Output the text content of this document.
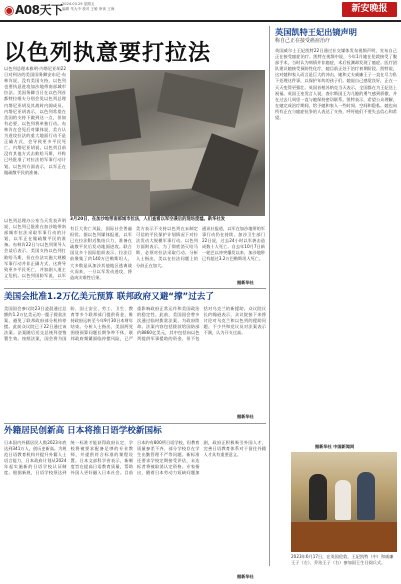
◉A08天下 2024.03.29 星期五
编辑 朱大中 校对 王敏 审读 王海	新安晚报
以色列执意要打拉法
以色列总理本雅明·内塔尼亚胡22日对到访的美国国务卿安东尼·布林肯说，没有美国支持，以色列也要执意进攻加沙地带南部城市拉法。美国务卿当日在以色列首都特拉维夫分别会见以色列总理内塔尼亚胡及其战时内阁成员。内塔尼亚胡表示，以色列希望在美国的支持下做到这一点，但如有必要，以色列将单独行动。布林肯在会见后对媒体说，美方认为进攻拉法的重大地面行动不是正确方式，会导致更多平民死亡。内塔尼亚胡说，以色列目前没有其他方式击败哈马斯，并称已经批准了对拉法的军事行动计划。以色列方面表示，以军正在做疏散平民的准备。
3月20日，在加沙地带南部城市拉法，人们查看以军空袭后的现场废墟。新华社发
以色列总理办公室当天发表声明说，以色列已批准在加沙地带南部城市拉法采取军事行动的计划，以军正在做疏散平民的准备。布林肯22日与以色列领导人会谈后表示，美国支持以色列打败哈马斯，但在拉法实施大规模军事行动并非正确方式，这将导致更多平民死亡，并加剧人道主义危机。以色列国防军说，以军
有巨大伤亡风险，国际社会普遍担忧。据以色列媒体报道，以军已在拉法附近集结兵力，准备在疏散平民后发动地面进攻。联合国及多个国际组织表示，拉法目前聚集了约140万巴勒斯坦人，大多数是从加沙其他地区逃离战火而来，一旦以军发动进攻，将造成灾难性后果。
美方表示不支持以色列在未制定可信的平民保护计划情况下对拉法发动大规模军事行动。以色列方面则表示，为了彻底消灭哈马斯，必须对拉法采取行动。分析人士指出，美以在拉法问题上的分歧正在加大。
通讯社报道，以军在加沙地带的军事行动仍在持续，加沙卫生部门22日说，过去24小时以军袭击造成数十人死亡。自去年10月7日新一轮巴以冲突爆发以来，加沙地带已有超过3.2万巴勒斯坦人死亡。
据新华社
英国凯特王妃出镜声明
称自己正在接受癌症治疗
英国威尔士王妃凯特22日通过社交媒体发布视频声明，宣布自己正在接受癌症治疗。凯特在视频中说，今年1月她在伦敦接受了腹部手术，当时认为病情并非癌症，术后检测却发现了癌症。医疗团队建议她接受预防性化疗，她目前正处于治疗初期阶段。凯特说，这对她和家人而言是巨大的冲击，她和丈夫威廉王子一直在尽力私下处理这件事，以保护年幼的孩子们。她说自己感觉良好，正在一天天变得更强壮。英国首相苏纳克当天表示，全国都在为王妃送上祝福。英国王室发言人说，查尔斯国王为儿媳的勇气感到骄傲，并在过去几周里一直与她保持密切联系。凯特表示，希望公众理解，在她完成治疗期间，给予她和家人一些时间、空间和隐私。她也向所有正在与癌症抗争的人表达了支持，呼吁他们不要失去信心和希望。
据新华社 中国新闻网
2023年6月17日，在英国伦敦，王妃凯特（中）和威廉王子（左）、乔治王子（右）参加国王生日阅兵式。
美国会批准1.2万亿美元预算 联邦政府又避“撑”过去了
美国国会参议院23日凌晨通过总额约1.2万亿美元的一揽子拨款法案，避免了联邦政府部分机构停摆。此前众议院已于22日通过该法案。法案随后送交总统拜登签署生效。按照法案，国会将为国防、国土安全、劳工、卫生、教育等多个联邦部门提供资金，维持政府运转至今年9月30日本财年结束。分析人士指出，美国两党围绕预算问题长期争吵不休，联邦政府频繁面临停摆风险，已严重影响政府正常运作和美国政治的稳定性。此前，美国国会曾多次通过临时拨款法案，为政府续命。法案内容包括拨款给国防部约8860亿美元，其中包括向以色列提供军事援助的资金，但不包括对乌克兰的新援助。众议院议长约翰逊表示，众议院接下来将讨论对乌克兰和以色列的援助问题。不少共和党议员对法案表示不满，认为开支过高。
据新华社
外籍居民创新高 日本将推日语学校新国标
日本国内外籍居民人数2023年底达到341万人，创历史新高。为规范日语教育机构并提升外籍人士语言能力，日本政府计划从2024年起实施新的日语学校认证制度。根据新规，日语学校须达到统一标准才能获得政府认定，学校将被要求配备足够的专业教师，并提供符合标准的课程设置。日本文部科学省表示，新制度旨在提高日语教育质量，帮助外国人更好融入日本社会。目前日本约有800所日语学校，但教育质量参差不齐，部分学校存在学生出勤管理不严等问题。新标准还要求学校定期接受评估，未达标者将被取消认定资格。专家指出，随着日本劳动力短缺问题加剧，政府正积极吸引外国人才，完善日语教育体系对于留住外籍人才具有重要意义。
据新华社
